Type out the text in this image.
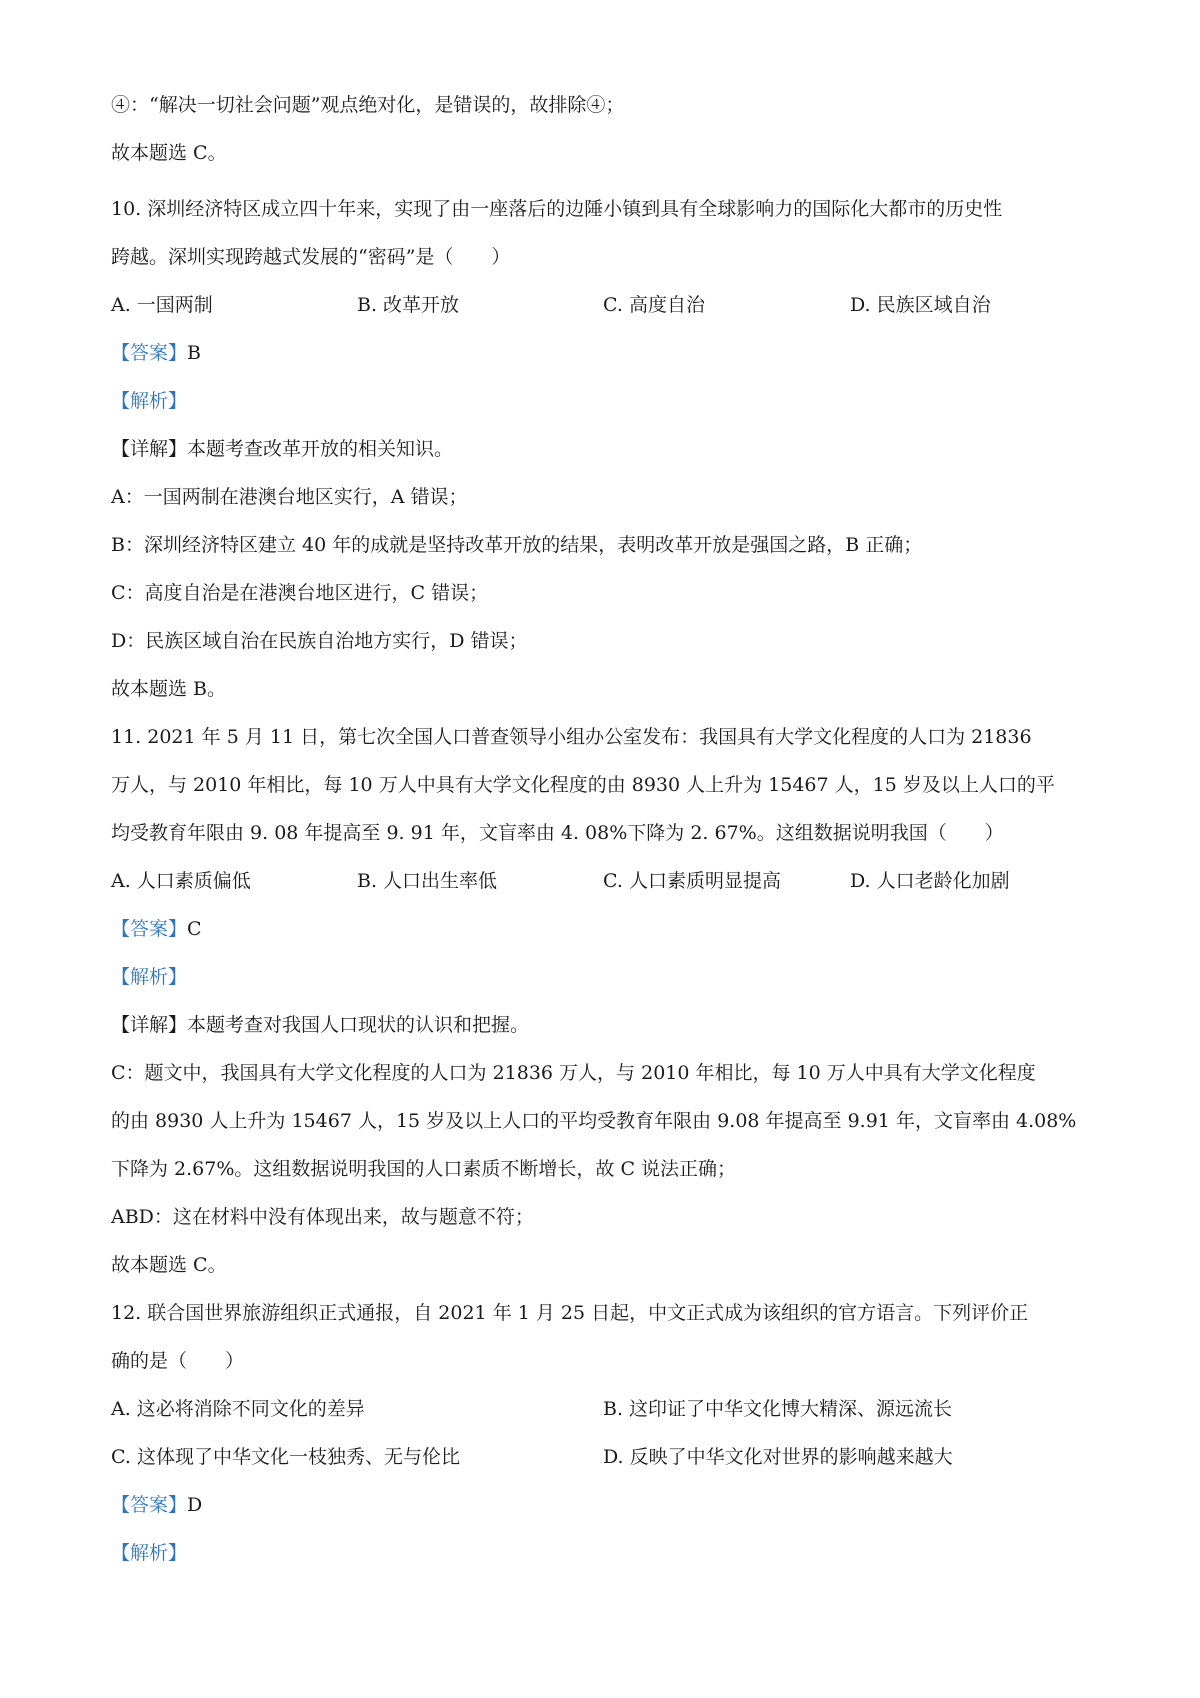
④：“解决一切社会问题”观点绝对化，是错误的，故排除④；
故本题选 C。
10. 深圳经济特区成立四十年来，实现了由一座落后的边陲小镇到具有全球影响力的国际化大都市的历史性
跨越。深圳实现跨越式发展的“密码”是（　　）
A. 一国两制	B. 改革开放	C. 高度自治	D. 民族区域自治
【答案】B
【解析】
【详解】本题考查改革开放的相关知识。
A：一国两制在港澳台地区实行，A 错误；
B：深圳经济特区建立 40 年的成就是坚持改革开放的结果，表明改革开放是强国之路，B 正确；
C：高度自治是在港澳台地区进行，C 错误；
D：民族区域自治在民族自治地方实行，D 错误；
故本题选 B。
11. 2021 年 5 月 11 日，第七次全国人口普查领导小组办公室发布：我国具有大学文化程度的人口为 21836
万人，与 2010 年相比，每 10 万人中具有大学文化程度的由 8930 人上升为 15467 人，15 岁及以上人口的平
均受教育年限由 9. 08 年提高至 9. 91 年，文盲率由 4. 08%下降为 2. 67%。这组数据说明我国（　　）
A. 人口素质偏低	B. 人口出生率低	C. 人口素质明显提高	D. 人口老龄化加剧
【答案】C
【解析】
【详解】本题考查对我国人口现状的认识和把握。
C：题文中，我国具有大学文化程度的人口为 21836 万人，与 2010 年相比，每 10 万人中具有大学文化程度
的由 8930 人上升为 15467 人，15 岁及以上人口的平均受教育年限由 9.08 年提高至 9.91 年，文盲率由 4.08%
下降为 2.67%。这组数据说明我国的人口素质不断增长，故 C 说法正确；
ABD：这在材料中没有体现出来，故与题意不符；
故本题选 C。
12. 联合国世界旅游组织正式通报，自 2021 年 1 月 25 日起，中文正式成为该组织的官方语言。下列评价正
确的是（　　）
A. 这必将消除不同文化的差异	B. 这印证了中华文化博大精深、源远流长
C. 这体现了中华文化一枝独秀、无与伦比	D. 反映了中华文化对世界的影响越来越大
【答案】D
【解析】
